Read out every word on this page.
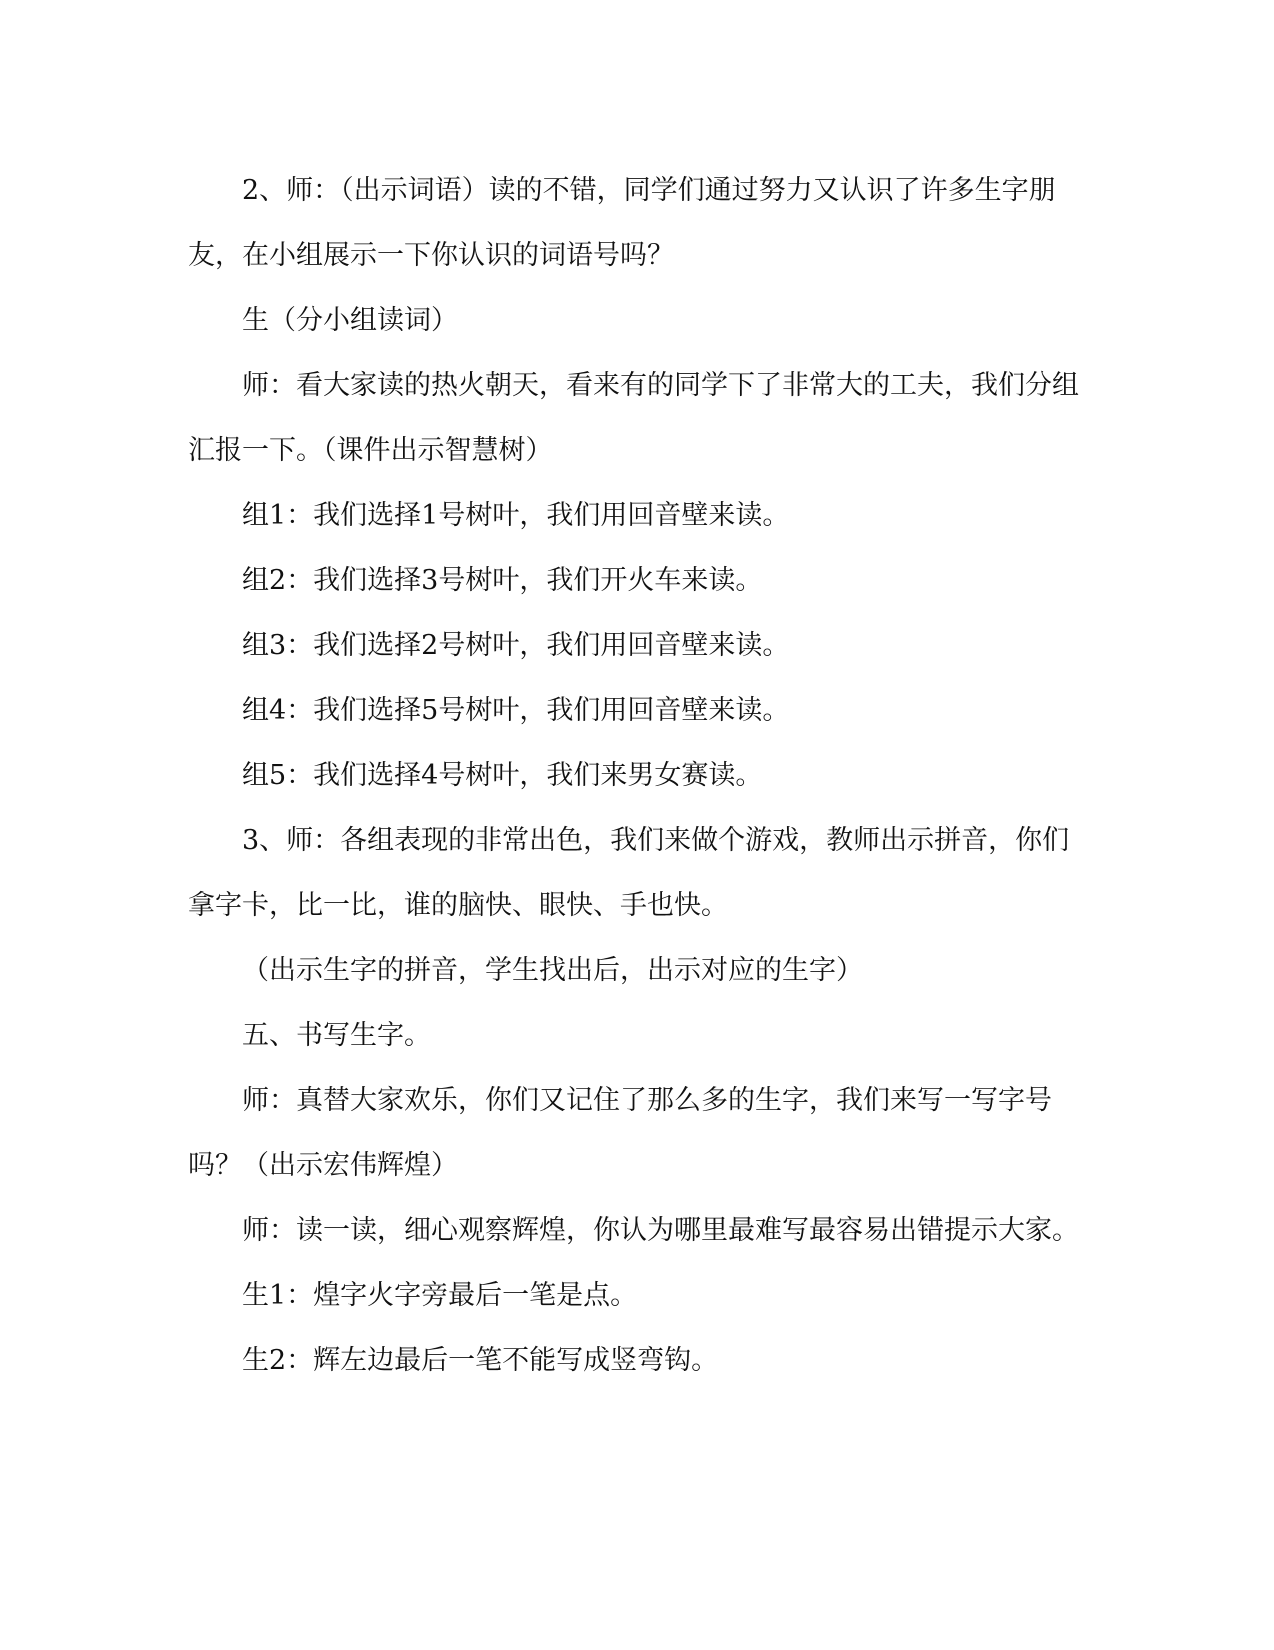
2、师：（出示词语）读的不错，同学们通过努力又认识了许多生字朋友，在小组展示一下你认识的词语号吗？

生（分小组读词）

师：看大家读的热火朝天，看来有的同学下了非常大的工夫，我们分组汇报一下。（课件出示智慧树）

组1：我们选择1号树叶，我们用回音壁来读。

组2：我们选择3号树叶，我们开火车来读。

组3：我们选择2号树叶，我们用回音壁来读。

组4：我们选择5号树叶，我们用回音壁来读。

组5：我们选择4号树叶，我们来男女赛读。

3、师：各组表现的非常出色，我们来做个游戏，教师出示拼音，你们拿字卡，比一比，谁的脑快、眼快、手也快。

（出示生字的拼音，学生找出后，出示对应的生字）

五、书写生字。

师：真替大家欢乐，你们又记住了那么多的生字，我们来写一写字号吗？（出示宏伟辉煌）

师：读一读，细心观察辉煌，你认为哪里最难写最容易出错提示大家。

生1：煌字火字旁最后一笔是点。

生2：辉左边最后一笔不能写成竖弯钩。
